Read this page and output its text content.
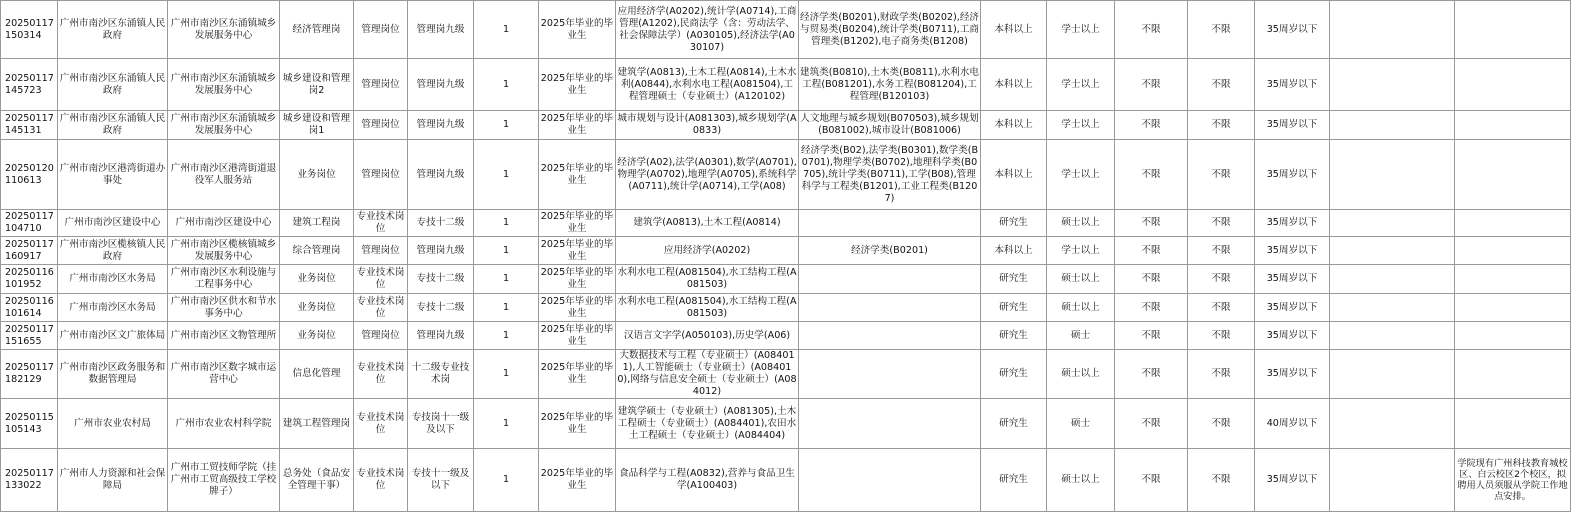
20250117150314	广州市南沙区东涌镇人民政府	广州市南沙区东涌镇城乡发展服务中心	经济管理岗	管理岗位	管理岗九级	1	2025年毕业的毕业生	应用经济学(A0202),统计学(A0714),工商管理(A1202),民商法学（含：劳动法学、社会保障法学）(A030105),经济法学(A030107)	经济学类(B0201),财政学类(B0202),经济与贸易类(B0204),统计学类(B0711),工商管理类(B1202),电子商务类(B1208)	本科以上	学士以上	不限	不限	35周岁以下		
20250117145723	广州市南沙区东涌镇人民政府	广州市南沙区东涌镇城乡发展服务中心	城乡建设和管理岗2	管理岗位	管理岗九级	1	2025年毕业的毕业生	建筑学(A0813),土木工程(A0814),土木水利(A0844),水利水电工程(A081504),工程管理硕士（专业硕士）(A120102)	建筑类(B0810),土木类(B0811),水利水电工程(B081201),水务工程(B081204),工程管理(B120103)	本科以上	学士以上	不限	不限	35周岁以下		
20250117145131	广州市南沙区东涌镇人民政府	广州市南沙区东涌镇城乡发展服务中心	城乡建设和管理岗1	管理岗位	管理岗九级	1	2025年毕业的毕业生	城市规划与设计(A081303),城乡规划学(A0833)	人文地理与城乡规划(B070503),城乡规划(B081002),城市设计(B081006)	本科以上	学士以上	不限	不限	35周岁以下		
20250120110613	广州市南沙区港湾街道办事处	广州市南沙区港湾街道退役军人服务站	业务岗位	管理岗位	管理岗九级	1	2025年毕业的毕业生	经济学(A02),法学(A0301),数学(A0701),物理学(A0702),地理学(A0705),系统科学(A0711),统计学(A0714),工学(A08)	经济学类(B02),法学类(B0301),数学类(B0701),物理学类(B0702),地理科学类(B0705),统计学类(B0711),工学(B08),管理科学与工程类(B1201),工业工程类(B1207)	本科以上	学士以上	不限	不限	35周岁以下		
20250117104710	广州市南沙区建设中心	广州市南沙区建设中心	建筑工程岗	专业技术岗位	专技十二级	1	2025年毕业的毕业生	建筑学(A0813),土木工程(A0814)		研究生	硕士以上	不限	不限	35周岁以下		
20250117160917	广州市南沙区榄核镇人民政府	广州市南沙区榄核镇城乡发展服务中心	综合管理岗	管理岗位	管理岗九级	1	2025年毕业的毕业生	应用经济学(A0202)	经济学类(B0201)	本科以上	学士以上	不限	不限	35周岁以下		
20250116101952	广州市南沙区水务局	广州市南沙区水利设施与工程事务中心	业务岗位	专业技术岗位	专技十二级	1	2025年毕业的毕业生	水利水电工程(A081504),水工结构工程(A081503)		研究生	硕士以上	不限	不限	35周岁以下		
20250116101614	广州市南沙区水务局	广州市南沙区供水和节水事务中心	业务岗位	专业技术岗位	专技十二级	1	2025年毕业的毕业生	水利水电工程(A081504),水工结构工程(A081503)		研究生	硕士以上	不限	不限	35周岁以下		
20250117151655	广州市南沙区文广旅体局	广州市南沙区文物管理所	业务岗位	管理岗位	管理岗九级	1	2025年毕业的毕业生	汉语言文字学(A050103),历史学(A06)		研究生	硕士	不限	不限	35周岁以下		
20250117182129	广州市南沙区政务服务和数据管理局	广州市南沙区数字城市运营中心	信息化管理	专业技术岗位	十二级专业技术岗	1	2025年毕业的毕业生	大数据技术与工程（专业硕士）(A084011),人工智能硕士（专业硕士）(A084010),网络与信息安全硕士（专业硕士）(A084012)		研究生	硕士以上	不限	不限	35周岁以下		
20250115105143	广州市农业农村局	广州市农业农村科学院	建筑工程管理岗	专业技术岗位	专技岗十一级及以下	1	2025年毕业的毕业生	建筑学硕士（专业硕士）(A081305),土木工程硕士（专业硕士）(A084401),农田水土工程硕士（专业硕士）(A084404)		研究生	硕士	不限	不限	40周岁以下		
20250117133022	广州市人力资源和社会保障局	广州市工贸技师学院（挂广州市工贸高级技工学校牌子）	总务处（食品安全管理干事）	专业技术岗位	专技十一级及以下	1	2025年毕业的毕业生	食品科学与工程(A0832),营养与食品卫生学(A100403)		研究生	硕士以上	不限	不限	35周岁以下		学院现有广州科技教育城校区、白云校区2个校区，拟聘用人员须服从学院工作地点安排。
